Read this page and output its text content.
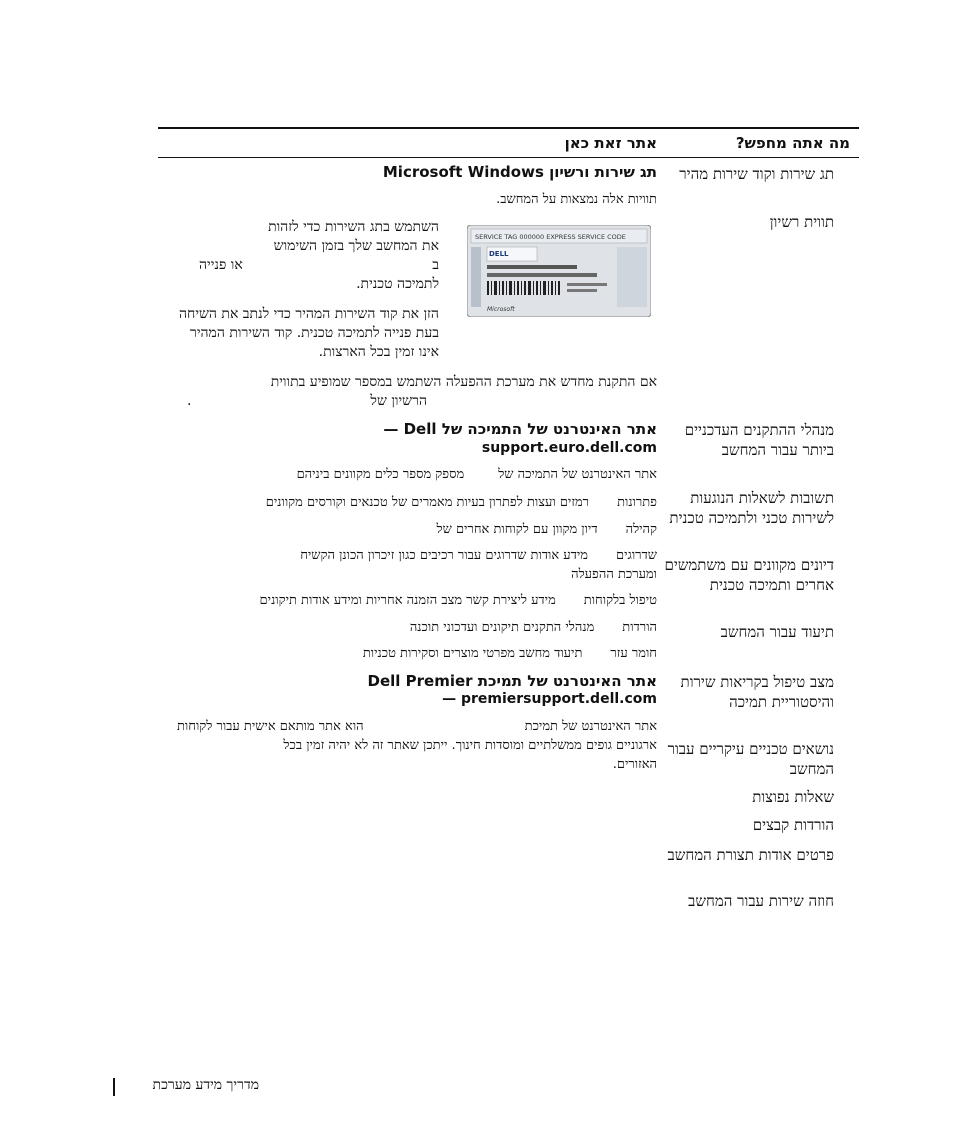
מה אתה מחפש?
אתר זאת כאן
תג שירות וקוד שירות מהיר
תווית רשיון
מנהלי ההתקנים העדכניים ביותר עבור המחשב
תשובות לשאלות הנוגעות לשירות טכני ולתמיכה טכנית
דיונים מקוונים עם משתמשים אחרים ותמיכה טכנית
תיעוד עבור המחשב
מצב טיפול בקריאות שירות והיסטוריית תמיכה
נושאים טכניים עיקריים עבור המחשב
שאלות נפוצות
הורדות קבצים
פרטים אודות תצורת המחשב
חוזה שירות עבור המחשב
תג שירות ורשיון Microsoft Windows
תוויות אלה נמצאות על המחשב.
השתמש בתג השירות כדי לזהות
את המחשב שלך בזמן השימוש
ב
או פנייה
לתמיכה טכנית.
הזן את קוד השירות המהיר כדי לנתב את השיחה בעת פנייה לתמיכה טכנית. קוד השירות המהיר אינו זמין בכל הארצות.
אם התקנת מחדש את מערכת ההפעלה השתמש במספר שמופיע בתווית
הרשיון של
.
SERVICE TAG 000000 EXPRESS SERVICE CODE
DELL
Microsoft
אתר האינטרנט של התמיכה של Dell —
support.euro.dell.com
אתר האינטרנט של התמיכה של
מספק מספר כלים מקוונים ביניהם
פתרונות
רמזים ועצות לפתרון בעיות מאמרים של טכנאים וקורסים מקוונים
קהילה
דיון מקוון עם לקוחות אחרים של
שדרוגים
מידע אודות שדרוגים עבור רכיבים כגון זיכרון הכונן הקשיח
ומערכת ההפעלה
טיפול בלקוחות
מידע ליצירת קשר מצב הזמנה אחריות ומידע אודות תיקונים
הורדות
מנהלי התקנים תיקונים ועדכוני תוכנה
חומר עזר
תיעוד מחשב מפרטי מוצרים וסקירות טכניות
אתר האינטרנט של תמיכת Dell Premier
premiersupport.dell.com —
אתר האינטרנט של תמיכת
הוא אתר מותאם אישית עבור לקוחות
ארגוניים גופים ממשלתיים ומוסדות חינוך. ייתכן שאתר זה לא יהיה זמין בכל
האזורים.
מדריך מידע מערכת
